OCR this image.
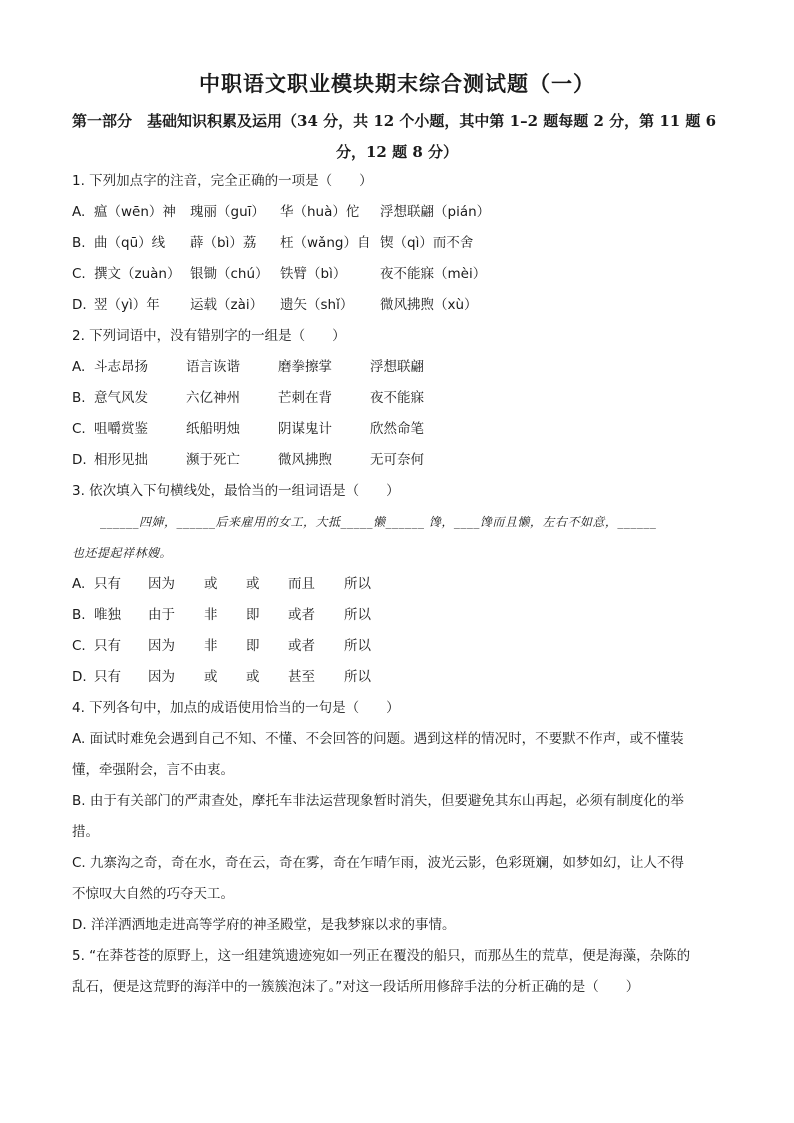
中职语文职业模块期末综合测试题（一）
第一部分　基础知识积累及运用（34 分，共 12 个小题，其中第 1–2 题每题 2 分，第 11 题 6
分，12 题 8 分）
1. 下列加点字的注音，完全正确的一项是（　　）
A. 瘟（wēn）神 瑰丽（guī） 华（huà）佗 浮想联翩（pián）
B. 曲（qū）线 薜（bì）荔 枉（wǎng）自 锲（qì）而不舍
C. 撰文（zuàn） 银锄（chú） 铁臂（bì） 夜不能寐（mèi）
D. 翌（yì）年 运载（zài） 遗矢（shǐ） 微风拂煦（xù）
2. 下列词语中，没有错别字的一组是（　　）
A. 斗志昂扬	语言诙谐	磨拳擦掌	浮想联翩
B. 意气风发	六亿神州	芒刺在背	夜不能寐
C. 咀嚼赏鉴	纸船明烛	阴谋鬼计	欣然命笔
D. 相形见拙	濒于死亡	微风拂煦	无可奈何
3. 依次填入下句横线处，最恰当的一组词语是（　　）
______四婶，______后来雇用的女工，大抵_____懒______ 馋，____馋而且懒，左右不如意，______
也还提起祥林嫂。
A. 只有 因为 或 或 而且 所以
B. 唯独 由于 非 即 或者 所以
C. 只有 因为 非 即 或者 所以
D. 只有 因为 或 或 甚至 所以
4. 下列各句中，加点的成语使用恰当的一句是（　　）
A. 面试时难免会遇到自己不知、不懂、不会回答的问题。遇到这样的情况时，不要默不作声，或不懂装
懂，牵强附会，言不由衷。
B. 由于有关部门的严肃查处，摩托车非法运营现象暂时消失，但要避免其东山再起，必须有制度化的举
措。
C. 九寨沟之奇，奇在水，奇在云，奇在雾，奇在乍晴乍雨，波光云影，色彩斑斓，如梦如幻，让人不得
不惊叹大自然的巧夺天工。
D. 洋洋洒洒地走进高等学府的神圣殿堂，是我梦寐以求的事情。
5. “在莽苍苍的原野上，这一组建筑遗迹宛如一列正在覆没的船只，而那丛生的荒草，便是海藻，杂陈的
乱石，便是这荒野的海洋中的一簇簇泡沫了。”对这一段话所用修辞手法的分析正确的是（　　）
